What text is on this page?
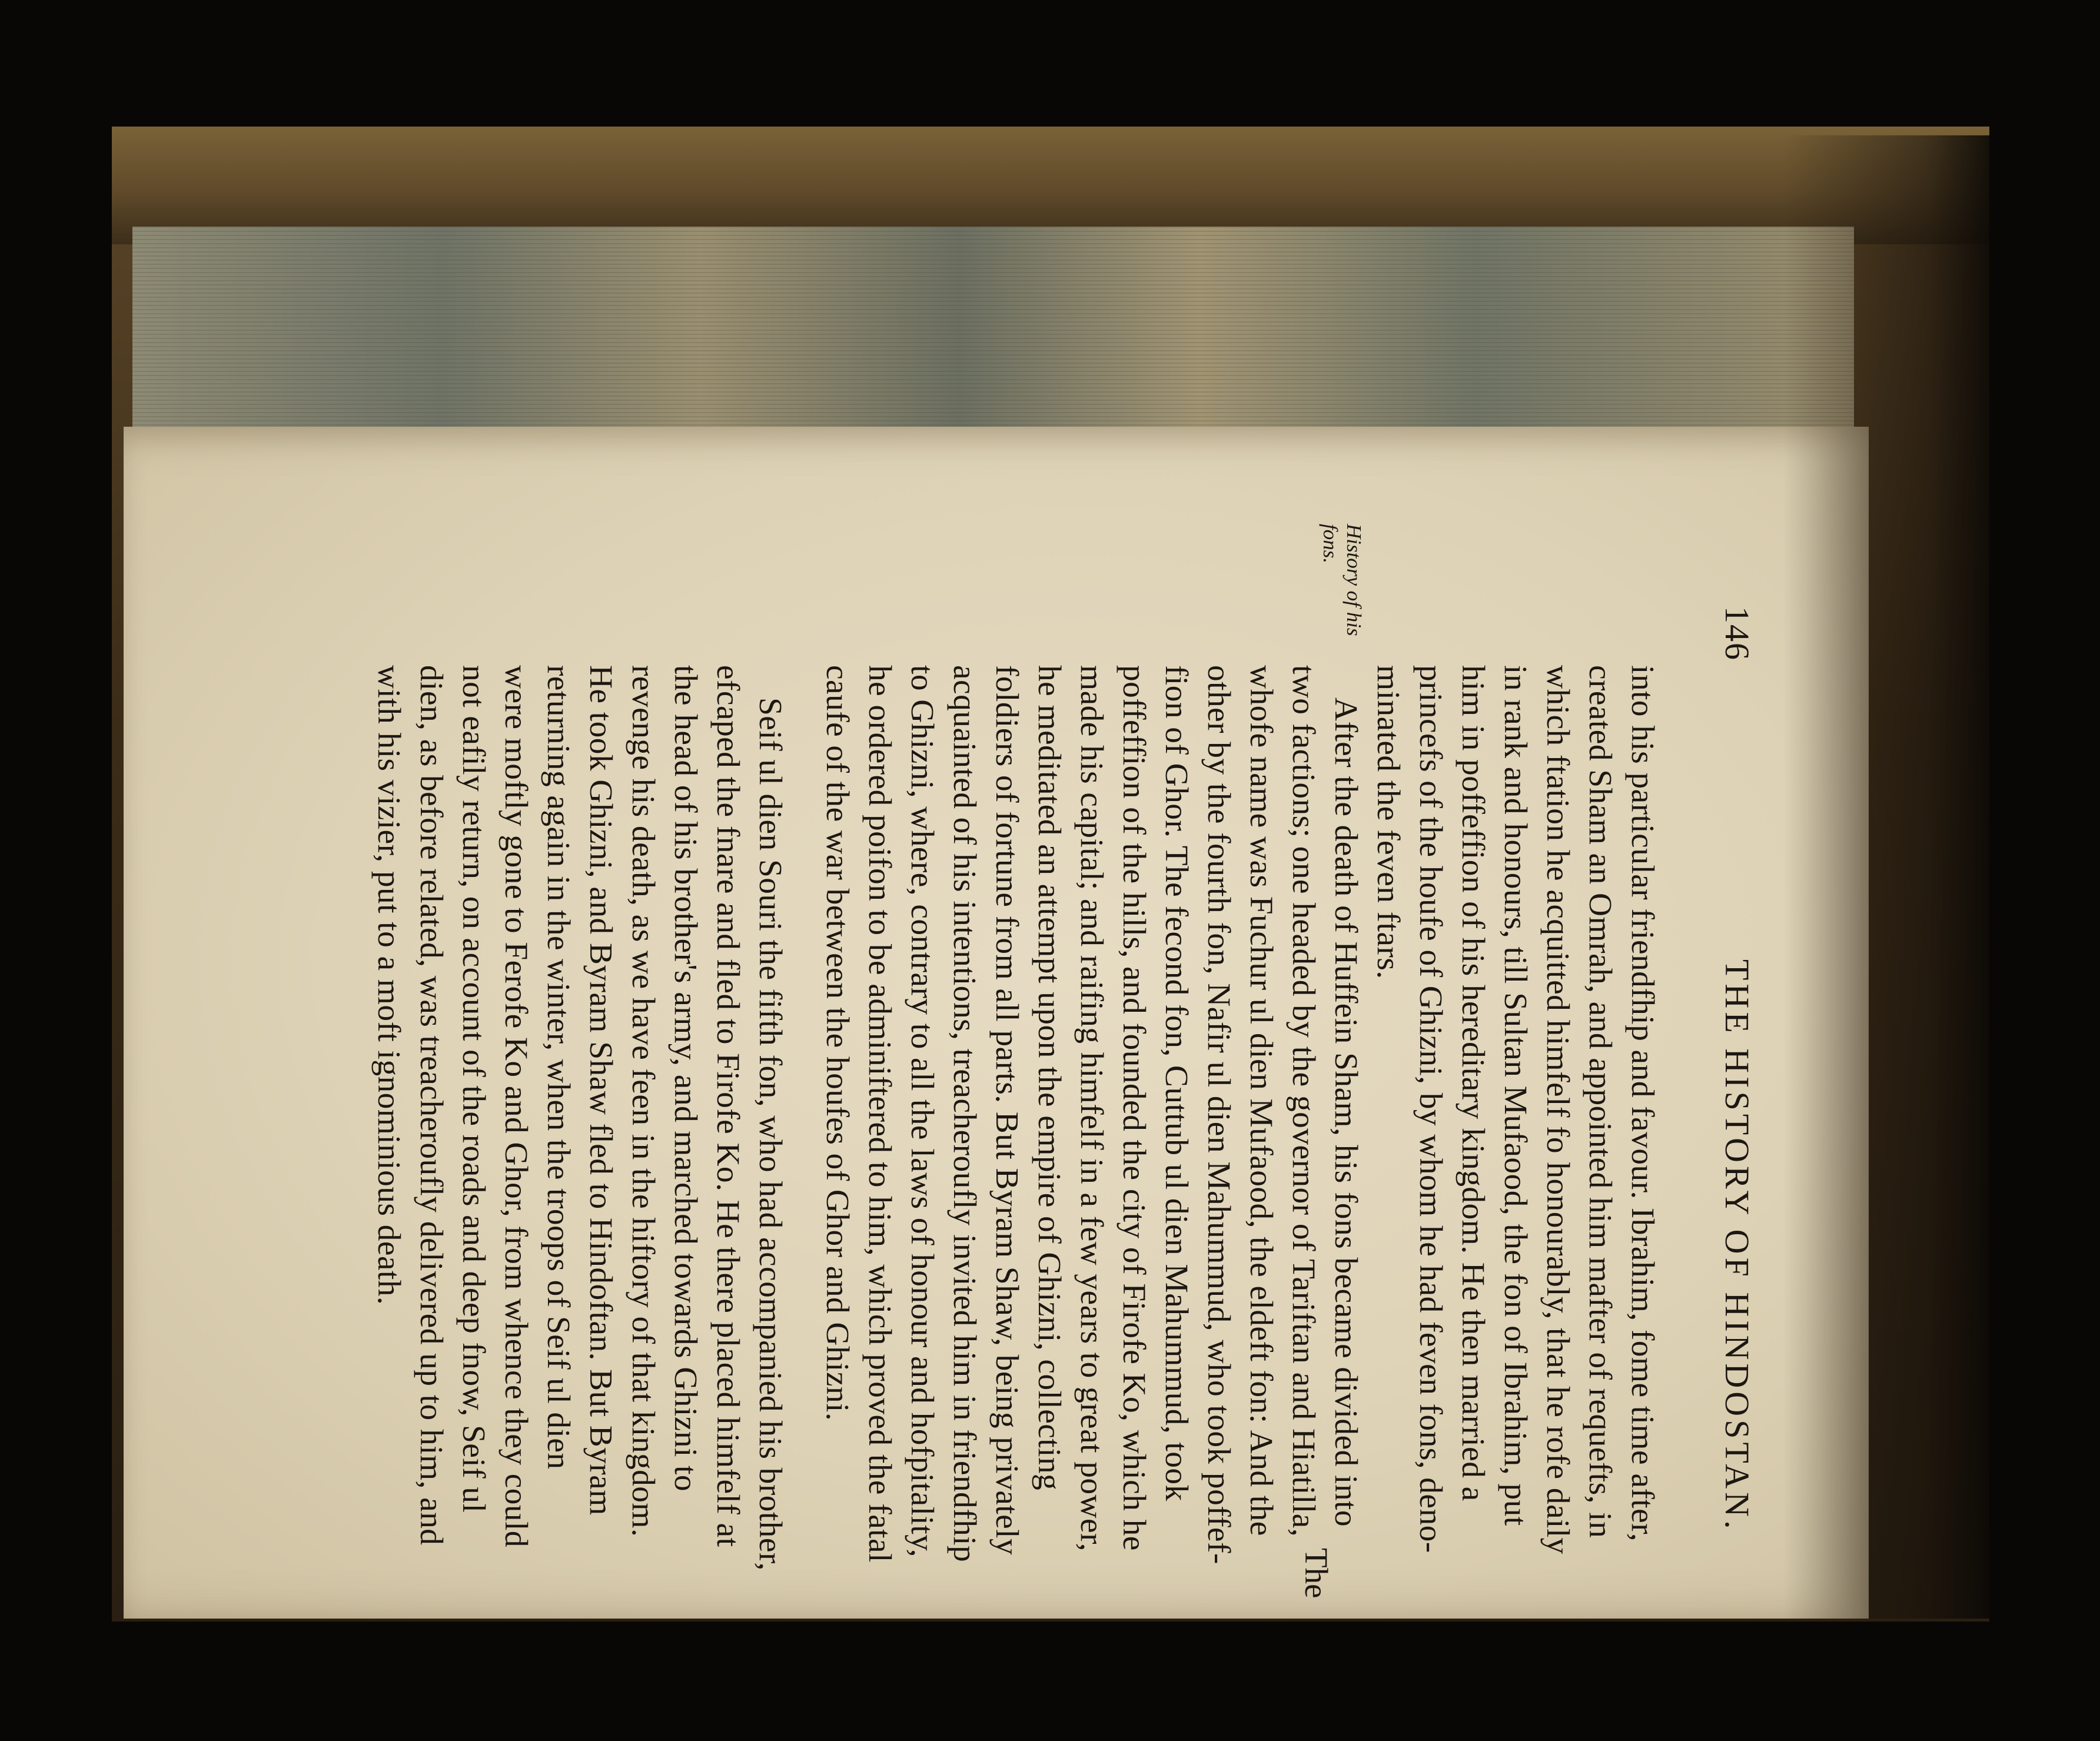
146
THE HISTORY OF HINDOSTAN.
History of his
fons.
into his particular friendfhip and favour. Ibrahim, fome time after,
created Sham an Omrah, and appointed him mafter of requefts, in
which ftation he acquitted himfelf fo honourably, that he rofe daily
in rank and honours, till Sultan Mufaood, the fon of Ibrahim, put
him in poffeffion of his hereditary kingdom. He then married a
princefs of the houfe of Ghizni, by whom he had feven fons, deno-
minated the feven ftars.
After the death of Huffein Sham, his fons became divided into
two factions; one headed by the governor of Tariftan and Hiatilla,
whofe name was Fuchur ul dien Mufaood, the eldeft fon: And the
other by the fourth fon, Nafir ul dien Mahummud, who took poffef-
fion of Ghor. The fecond fon, Cuttub ul dien Mahummud, took
poffeffion of the hills, and founded the city of Firofe Ko, which he
made his capital; and raifing himfelf in a few years to great power,
he meditated an attempt upon the empire of Ghizni, collecting
foldiers of fortune from all parts. But Byram Shaw, being privately
acquainted of his intentions, treacheroufly invited him in friendfhip
to Ghizni, where, contrary to all the laws of honour and hofpitality,
he ordered poifon to be adminiftered to him, which proved the fatal
caufe of the war between the houfes of Ghor and Ghizni.
Seif ul dien Souri the fifth fon, who had accompanied his brother,
efcaped the fnare and fled to Firofe Ko. He there placed himfelf at
the head of his brother's army, and marched towards Ghizni to
revenge his death, as we have feen in the hiftory of that kingdom.
He took Ghizni, and Byram Shaw fled to Hindoftan. But Byram
returning again in the winter, when the troops of Seif ul dien
were moftly gone to Ferofe Ko and Ghor, from whence they could
not eafily return, on account of the roads and deep fnow, Seif ul
dien, as before related, was treacheroufly delivered up to him, and
with his vizier, put to a moft ignominious death.
The
